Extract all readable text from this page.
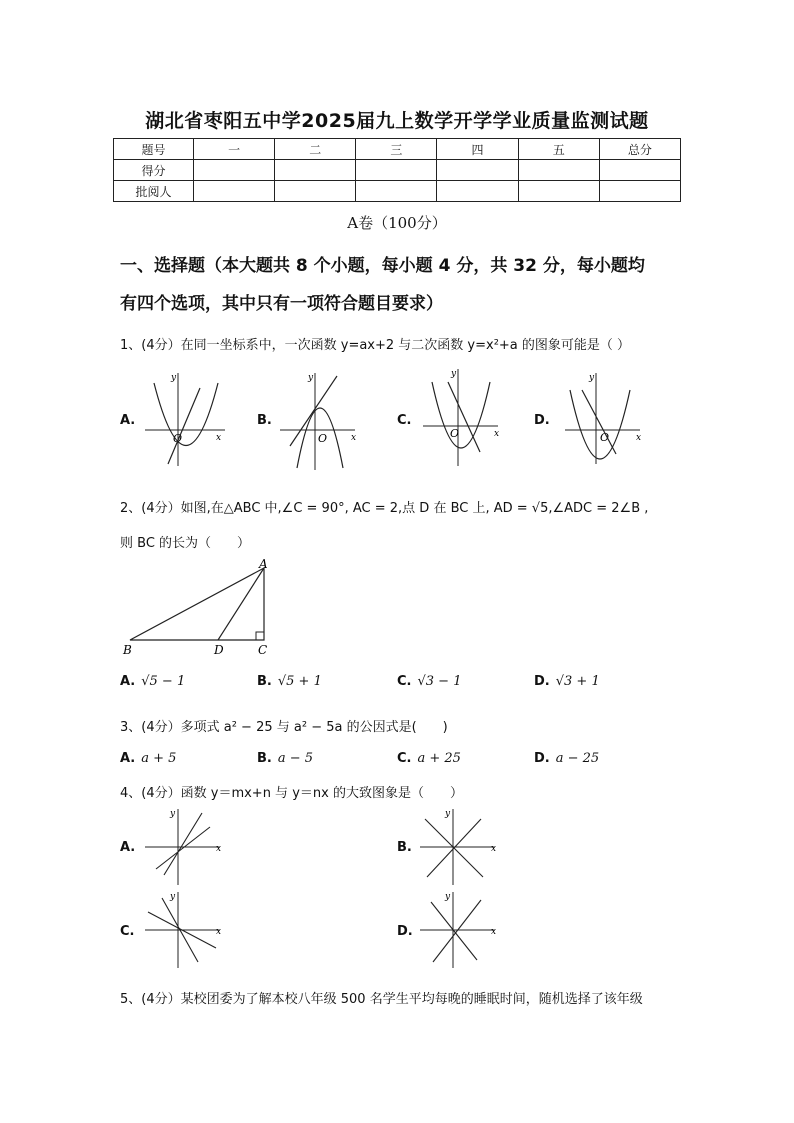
湖北省枣阳五中学2025届九上数学开学学业质量监测试题
题号	一	二	三	四	五	总分
得分						
批阅人						
A卷（100分）
一、选择题（本大题共 8 个小题，每小题 4 分，共 32 分，每小题均
有四个选项，其中只有一项符合题目要求）
1、(4分）在同一坐标系中，一次函数 y=ax+2 与二次函数 y=x²+a 的图象可能是（ ）
A.
x
y
O
B.
x
y
O
C.
x
y
O
D.
x
y
O
2、(4分）如图,在△ABC 中,∠C = 90°, AC = 2,点 D 在 BC 上, AD = √5,∠ADC = 2∠B ,
则 BC 的长为（　　）
A
B	D	C
A. √5 − 1	B. √5 + 1	C. √3 − 1	D. √3 + 1
3、(4分）多项式 a² − 25 与 a² − 5a 的公因式是(　　)
A. a + 5	B. a − 5	C. a + 25	D. a − 25
4、(4分）函数 y＝mx+n 与 y＝nx 的大致图象是（　　）
A.	x
y
B.	x
y
C.	x
y
D.	x
y
5、(4分）某校团委为了解本校八年级 500 名学生平均每晚的睡眠时间，随机选择了该年级
